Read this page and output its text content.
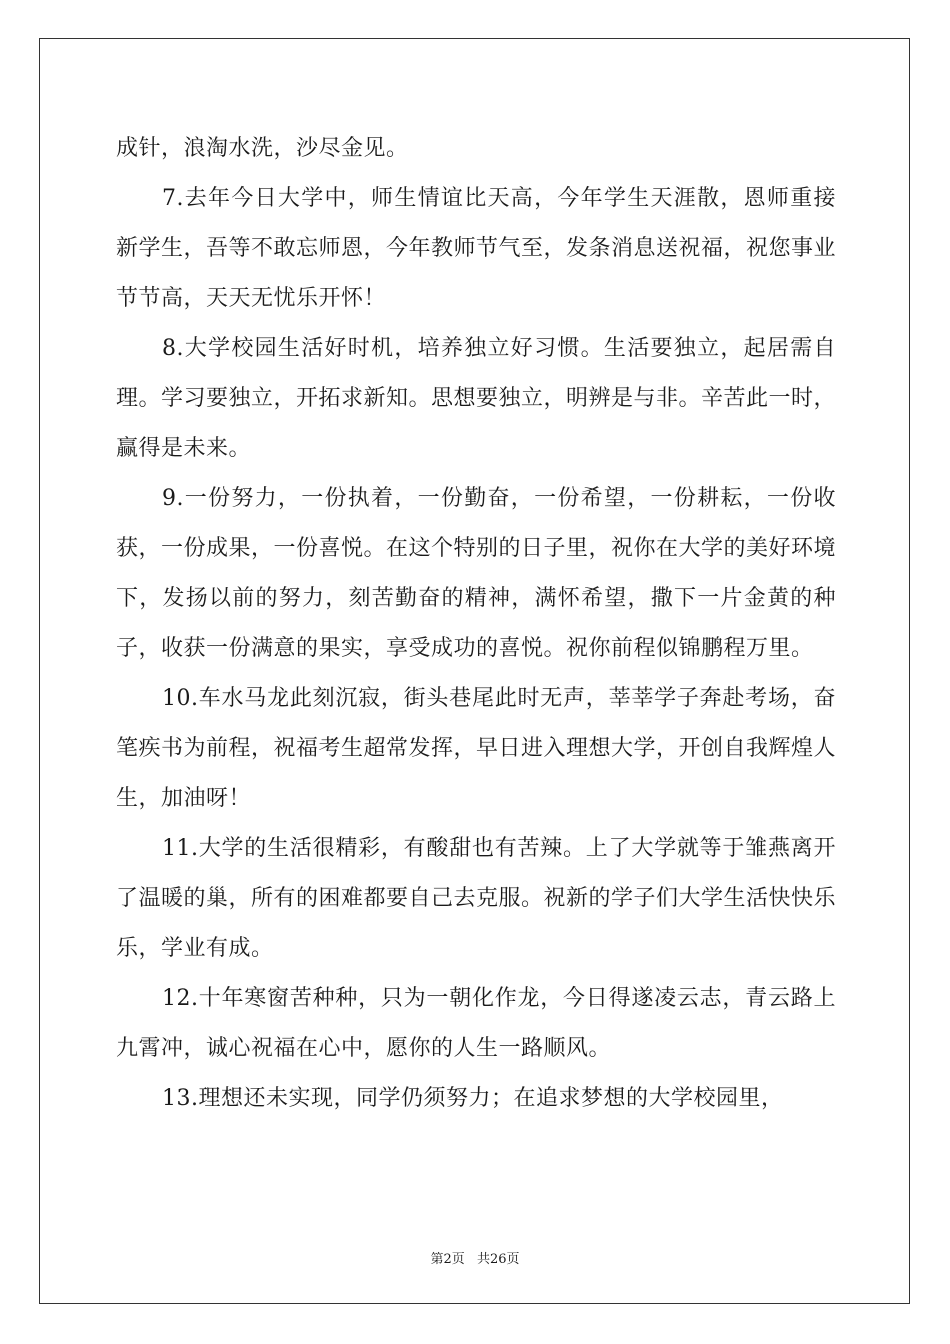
成针，浪淘水洗，沙尽金见。

7.去年今日大学中，师生情谊比天高，今年学生天涯散，恩师重接新学生，吾等不敢忘师恩，今年教师节气至，发条消息送祝福，祝您事业节节高，天天无忧乐开怀！

8.大学校园生活好时机，培养独立好习惯。生活要独立，起居需自理。学习要独立，开拓求新知。思想要独立，明辨是与非。辛苦此一时，赢得是未来。

9.一份努力，一份执着，一份勤奋，一份希望，一份耕耘，一份收获，一份成果，一份喜悦。在这个特别的日子里，祝你在大学的美好环境下，发扬以前的努力，刻苦勤奋的精神，满怀希望，撒下一片金黄的种子，收获一份满意的果实，享受成功的喜悦。祝你前程似锦鹏程万里。

10.车水马龙此刻沉寂，街头巷尾此时无声，莘莘学子奔赴考场，奋笔疾书为前程，祝福考生超常发挥，早日进入理想大学，开创自我辉煌人生，加油呀！

11.大学的生活很精彩，有酸甜也有苦辣。上了大学就等于雏燕离开了温暖的巢，所有的困难都要自己去克服。祝新的学子们大学生活快快乐乐，学业有成。

12.十年寒窗苦种种，只为一朝化作龙，今日得遂凌云志，青云路上九霄冲，诚心祝福在心中，愿你的人生一路顺风。

13.理想还未实现，同学仍须努力；在追求梦想的大学校园里，

第2页 共26页
